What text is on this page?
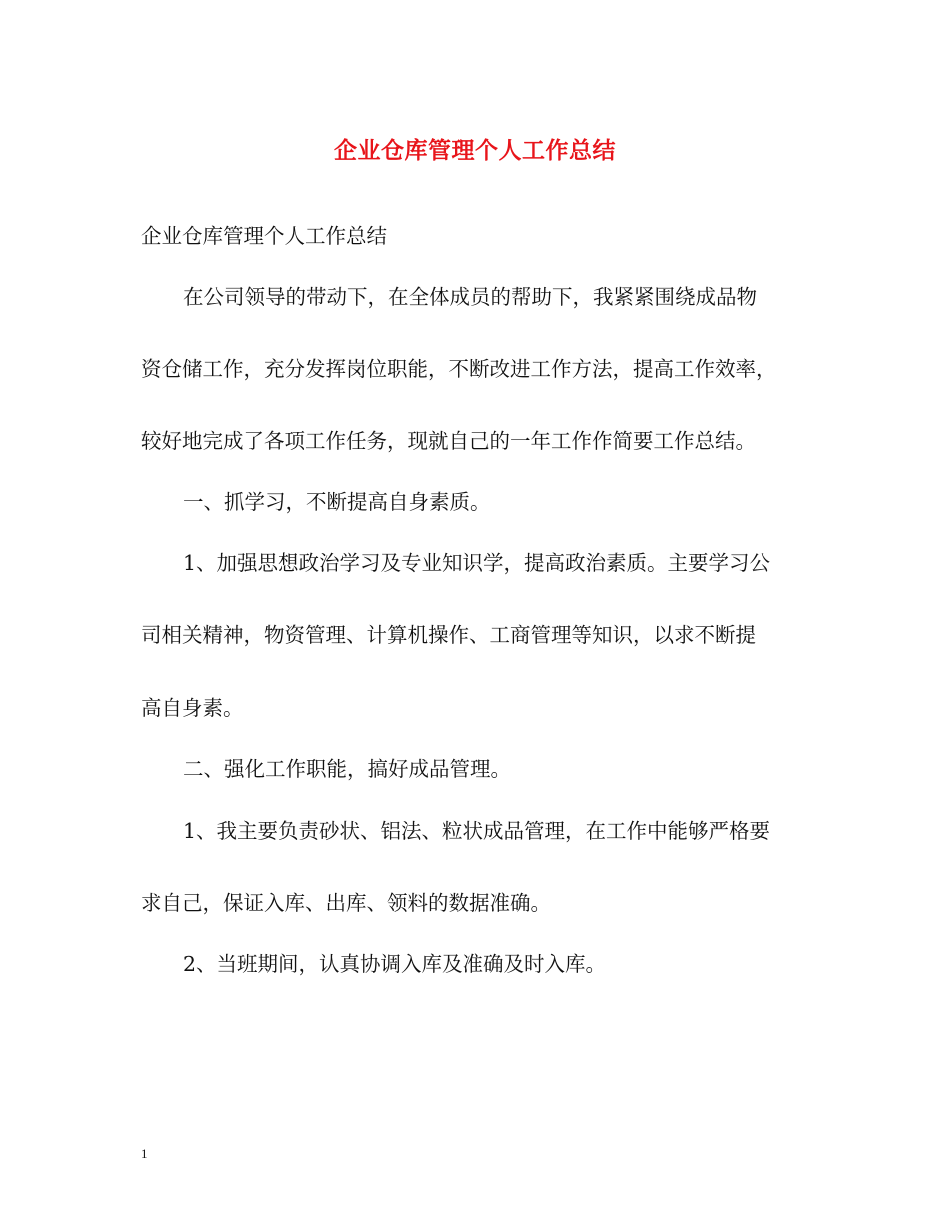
企业仓库管理个人工作总结
企业仓库管理个人工作总结
在公司领导的带动下，在全体成员的帮助下，我紧紧围绕成品物
资仓储工作，充分发挥岗位职能，不断改进工作方法，提高工作效率，
较好地完成了各项工作任务，现就自己的一年工作作简要工作总结。
一、抓学习，不断提高自身素质。
1、加强思想政治学习及专业知识学，提高政治素质。主要学习公
司相关精神，物资管理、计算机操作、工商管理等知识，以求不断提
高自身素。
二、强化工作职能，搞好成品管理。
1、我主要负责砂状、铝法、粒状成品管理，在工作中能够严格要
求自己，保证入库、出库、领料的数据准确。
2、当班期间，认真协调入库及准确及时入库。
1
